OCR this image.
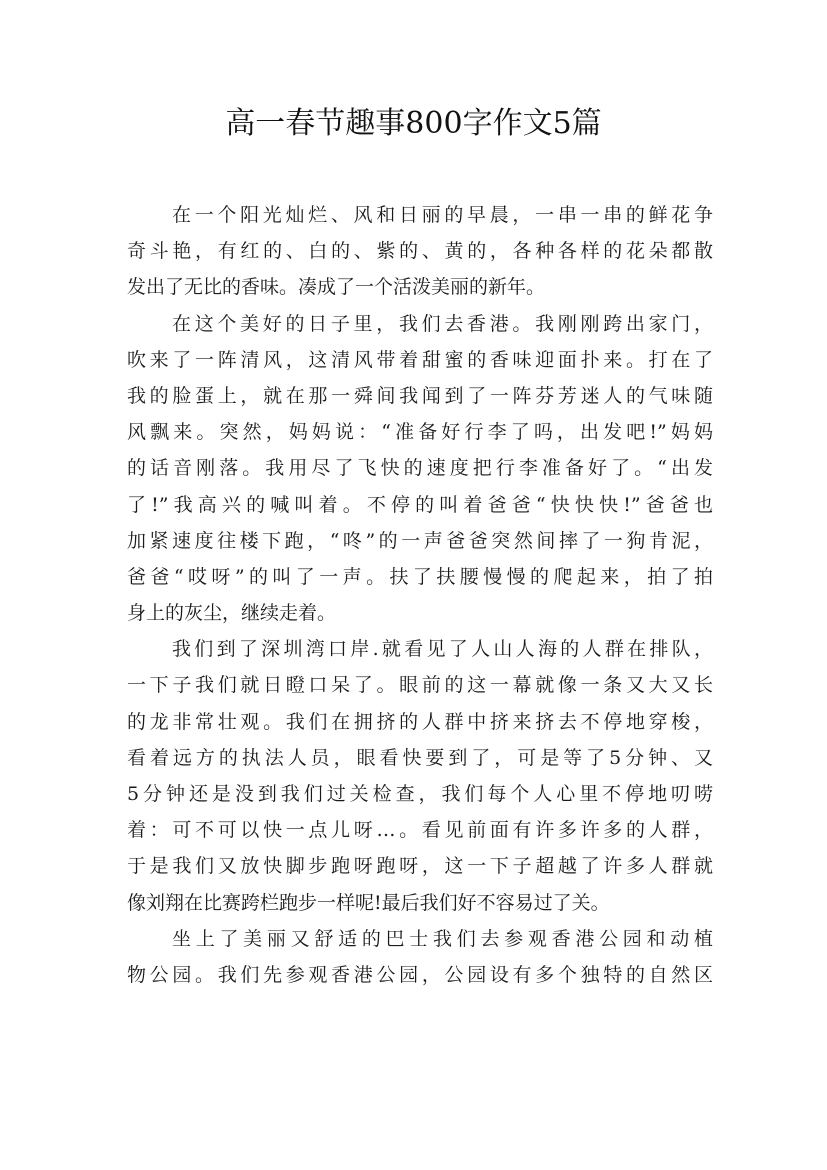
高一春节趣事800字作文5篇
在一个阳光灿烂、风和日丽的早晨，一串一串的鲜花争
奇斗艳，有红的、白的、紫的、黄的，各种各样的花朵都散
发出了无比的香味。凑成了一个活泼美丽的新年。
在这个美好的日子里，我们去香港。我刚刚跨出家门，
吹来了一阵清风，这清风带着甜蜜的香味迎面扑来。打在了
我的脸蛋上，就在那一舜间我闻到了一阵芬芳迷人的气味随
风飘来。突然，妈妈说：“准备好行李了吗，出发吧!”妈妈
的话音刚落。我用尽了飞快的速度把行李准备好了。“出发
了!”我高兴的喊叫着。不停的叫着爸爸“快快快!”爸爸也
加紧速度往楼下跑，“咚”的一声爸爸突然间摔了一狗肯泥，
爸爸“哎呀”的叫了一声。扶了扶腰慢慢的爬起来，拍了拍
身上的灰尘，继续走着。
我们到了深圳湾口岸.就看见了人山人海的人群在排队，
一下子我们就日瞪口呆了。眼前的这一幕就像一条又大又长
的龙非常壮观。我们在拥挤的人群中挤来挤去不停地穿梭，
看着远方的执法人员，眼看快要到了，可是等了5分钟、又
5分钟还是没到我们过关检查，我们每个人心里不停地叨唠
着：可不可以快一点儿呀…。看见前面有许多许多的人群，
于是我们又放快脚步跑呀跑呀，这一下子超越了许多人群就
像刘翔在比赛跨栏跑步一样呢!最后我们好不容易过了关。
坐上了美丽又舒适的巴士我们去参观香港公园和动植
物公园。我们先参观香港公园，公园设有多个独特的自然区
